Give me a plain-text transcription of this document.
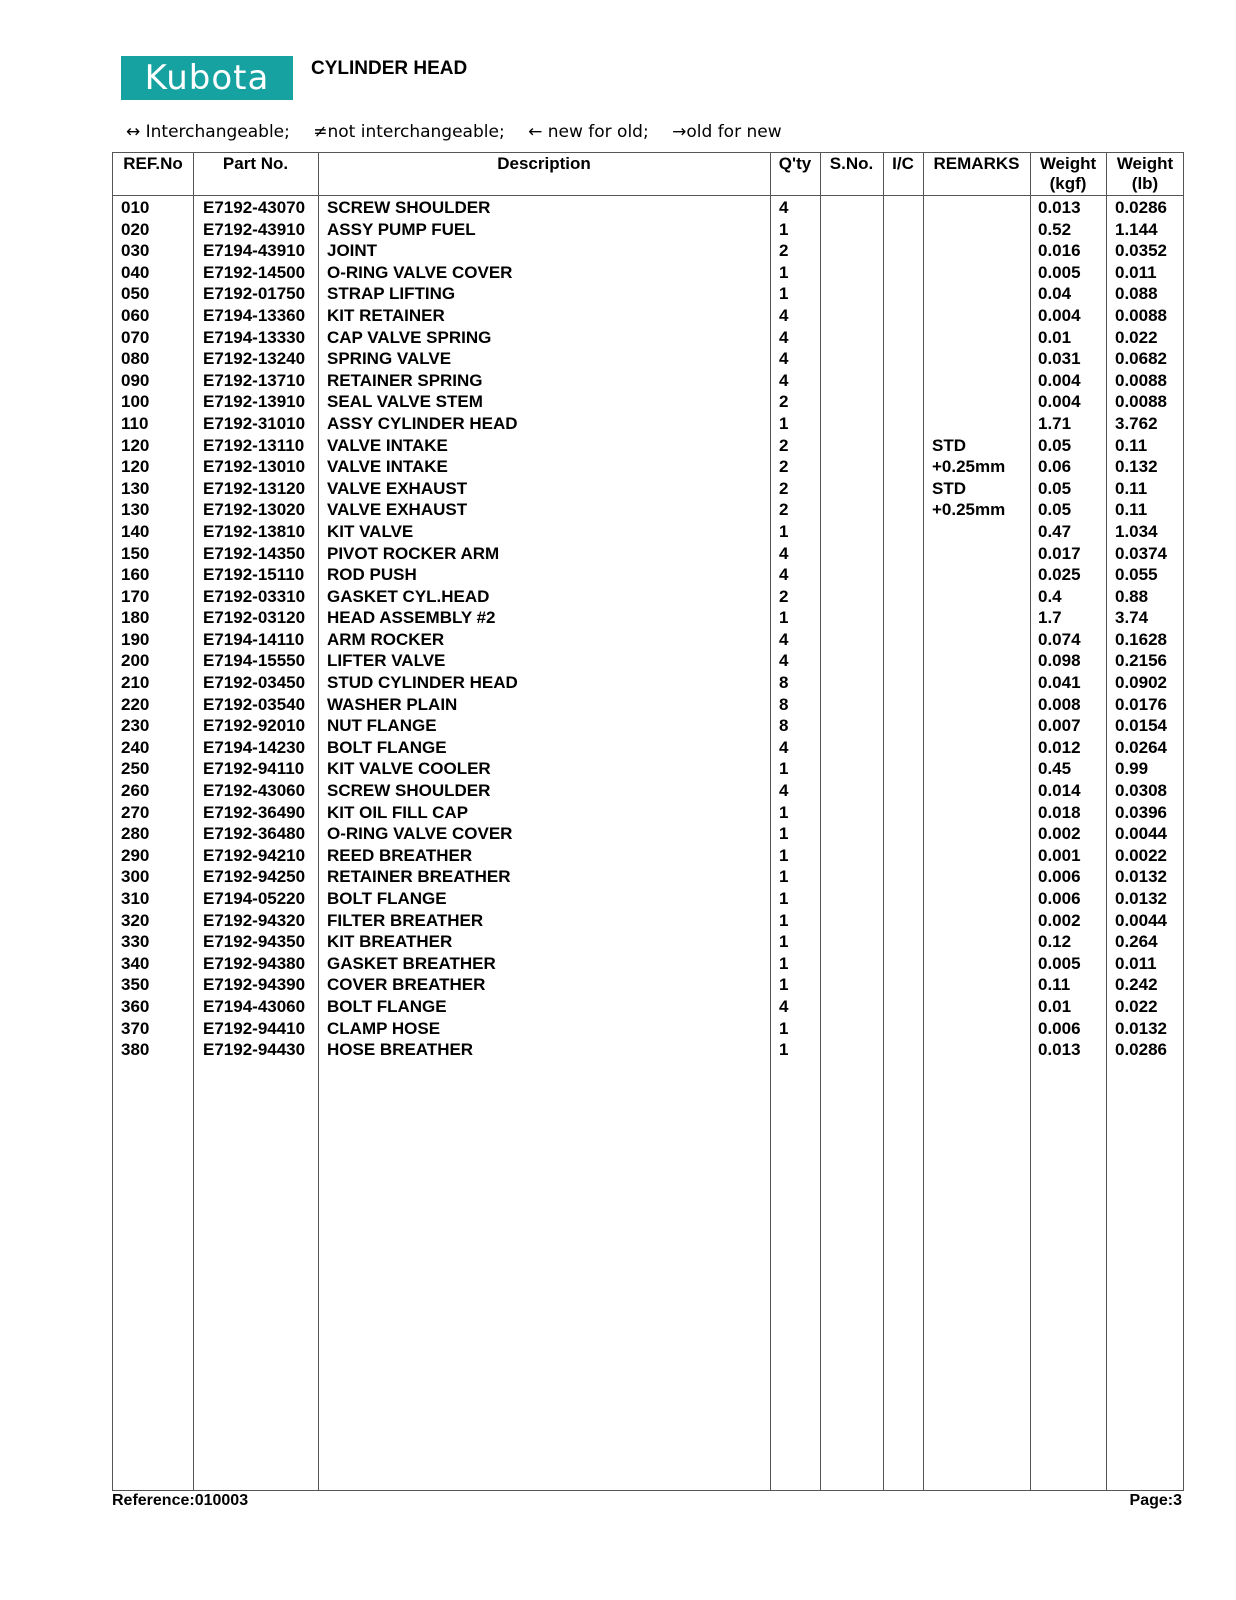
Kubota	CYLINDER HEAD
↔ Interchangeable; ≠not interchangeable; ← new for old; →old for new
REF.No	Part No.	Description	Q'ty	S.No.	I/C	REMARKS	Weight
(kgf)
Weight
(lb)
010	E7192-43070 SCREW SHOULDER	4	0.013 0.0286
020	E7192-43910 ASSY PUMP FUEL	1	0.52	1.144
030	E7194-43910 JOINT	2	0.016 0.0352
040	E7192-14500 O-RING VALVE COVER	1	0.005 0.011
050	E7192-01750 STRAP LIFTING	1	0.04	0.088
060	E7194-13360 KIT RETAINER	4	0.004 0.0088
070	E7194-13330 CAP VALVE SPRING	4	0.01	0.022
080	E7192-13240 SPRING VALVE	4	0.031 0.0682
090	E7192-13710 RETAINER SPRING	4	0.004 0.0088
100	E7192-13910 SEAL VALVE STEM	2	0.004 0.0088
110	E7192-31010 ASSY CYLINDER HEAD	1	1.71	3.762
120	E7192-13110 VALVE INTAKE	2	STD	0.05	0.11
120	E7192-13010 VALVE INTAKE	2	+0.25mm 0.06	0.132
130	E7192-13120 VALVE EXHAUST	2	STD	0.05	0.11
130	E7192-13020 VALVE EXHAUST	2	+0.25mm 0.05	0.11
140	E7192-13810 KIT VALVE	1	0.47	1.034
150	E7192-14350 PIVOT ROCKER ARM	4	0.017 0.0374
160	E7192-15110 ROD PUSH	4	0.025 0.055
170	E7192-03310 GASKET CYL.HEAD	2	0.4	0.88
180	E7192-03120 HEAD ASSEMBLY #2	1	1.7	3.74
190	E7194-14110 ARM ROCKER	4	0.074 0.1628
200	E7194-15550 LIFTER VALVE	4	0.098 0.2156
210	E7192-03450 STUD CYLINDER HEAD	8	0.041 0.0902
220	E7192-03540 WASHER PLAIN	8	0.008 0.0176
230	E7192-92010 NUT FLANGE	8	0.007 0.0154
240	E7194-14230 BOLT FLANGE	4	0.012 0.0264
250	E7192-94110 KIT VALVE COOLER	1	0.45	0.99
260	E7192-43060 SCREW SHOULDER	4	0.014 0.0308
270	E7192-36490 KIT OIL FILL CAP	1	0.018 0.0396
280	E7192-36480 O-RING VALVE COVER	1	0.002 0.0044
290	E7192-94210 REED BREATHER	1	0.001 0.0022
300	E7192-94250 RETAINER BREATHER	1	0.006 0.0132
310	E7194-05220 BOLT FLANGE	1	0.006 0.0132
320	E7192-94320 FILTER BREATHER	1	0.002 0.0044
330	E7192-94350 KIT BREATHER	1	0.12	0.264
340	E7192-94380 GASKET BREATHER	1	0.005 0.011
350	E7192-94390 COVER BREATHER	1	0.11	0.242
360	E7194-43060 BOLT FLANGE	4	0.01	0.022
370	E7192-94410 CLAMP HOSE	1	0.006 0.0132
380	E7192-94430 HOSE BREATHER	1	0.013 0.0286
Reference:010003	Page:3
